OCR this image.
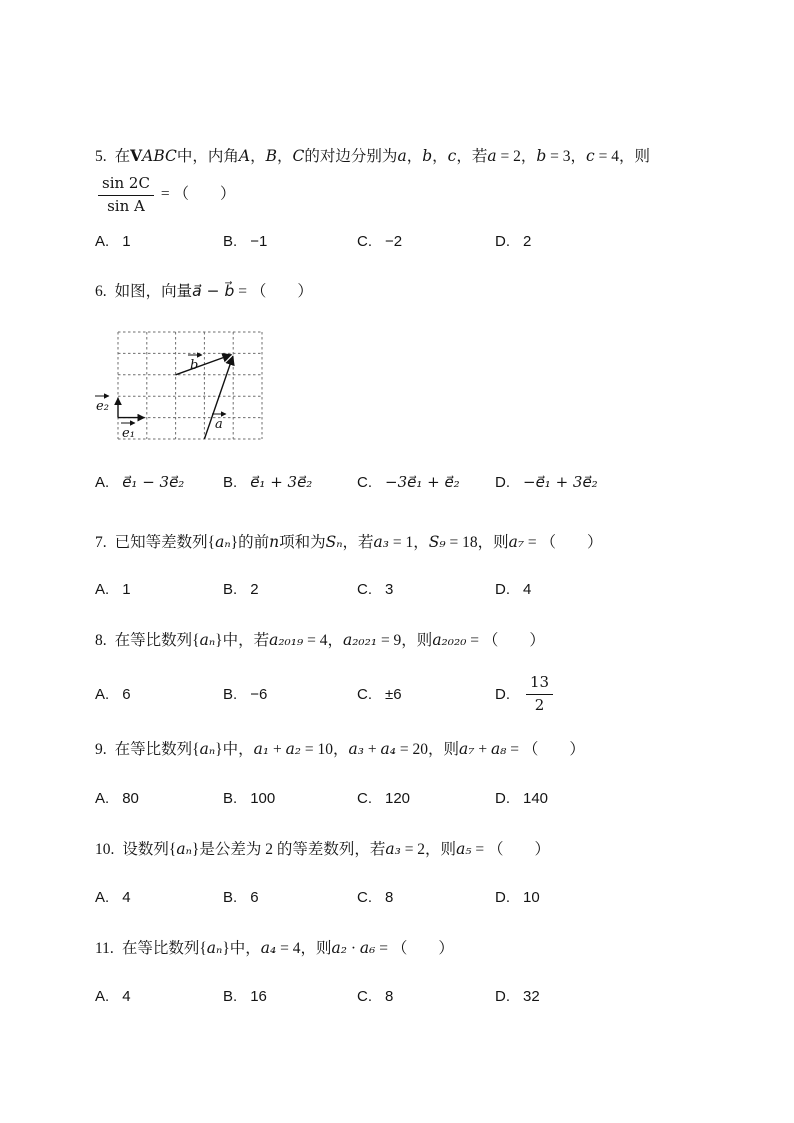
5. 在VABC中，内角A，B，C的对边分别为a，b，c，若a = 2，b = 3，c = 4，则
$\frac{\sin 2C}{\text{sin A}}$ = （　　）
A. 1	B. −1	C. −2	D. 2
6. 如图，向量a⃗ − b⃗ = （　　）
e₂
e₁
b
a
A. e⃗₁ − 3e⃗₂	B. e⃗₁ + 3e⃗₂	C. −3e⃗₁ + e⃗₂ D. −e⃗₁ + 3e⃗₂
7. 已知等差数列{aₙ}的前n项和为Sₙ，若a₃ = 1，S₉ = 18，则a₇ = （　　）
A. 1	B. 2	C. 3	D. 4
8. 在等比数列{aₙ}中，若a₂₀₁₉ = 4，a₂₀₂₁ = 9，则a₂₀₂₀ = （　　）
A. 6	B. −6	C. ±6	D. $\frac{13}{2}$
9. 在等比数列{aₙ}中，a₁ + a₂ = 10，a₃ + a₄ = 20，则a₇ + a₈ = （　　）
A. 80	B. 100	C. 120	D. 140
10. 设数列{aₙ}是公差为 2 的等差数列，若a₃ = 2，则a₅ = （　　）
A. 4	B. 6	C. 8	D. 10
11. 在等比数列{aₙ}中，a₄ = 4，则a₂ · a₆ = （　　）
A. 4	B. 16	C. 8	D. 32
